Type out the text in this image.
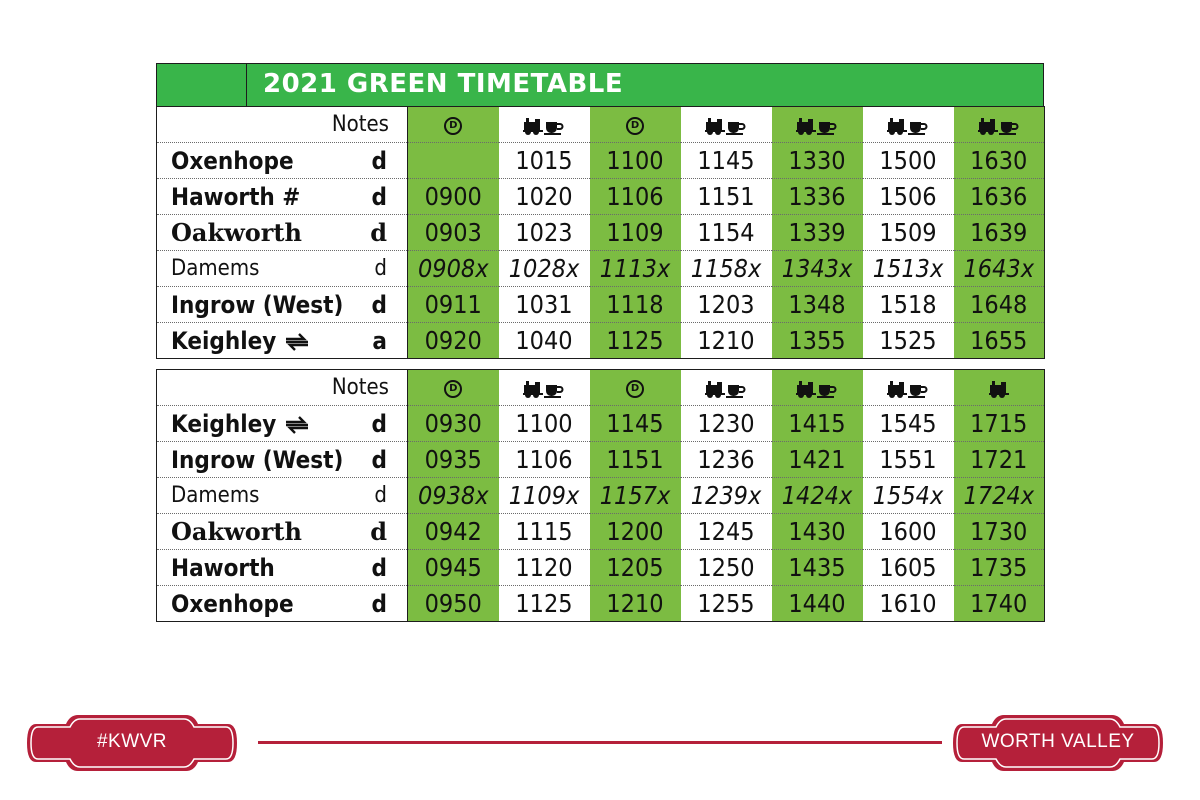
2021 GREEN TIMETABLE
Notes	D		D				

Oxenhope d		1015	1100	1145	1330	1500	1630

Haworth # d	0900	1020	1106	1151	1336	1506	1636

Oakworth d	0903	1023	1109	1154	1339	1509	1639

Damems d	0908x	1028x	1113x	1158x	1343x	1513x	1643x

Ingrow (West) d	0911	1031	1118	1203	1348	1518	1648

Keighley a	0920	1040	1125	1210	1355	1525	1655
Notes	D		D				

Keighley d	0930	1100	1145	1230	1415	1545	1715

Ingrow (West) d	0935	1106	1151	1236	1421	1551	1721

Damems d	0938x	1109x	1157x	1239x	1424x	1554x	1724x

Oakworth d	0942	1115	1200	1245	1430	1600	1730

Haworth d	0945	1120	1205	1250	1435	1605	1735

Oxenhope d	0950	1125	1210	1255	1440	1610	1740
#KWVR	WORTH VALLEY
